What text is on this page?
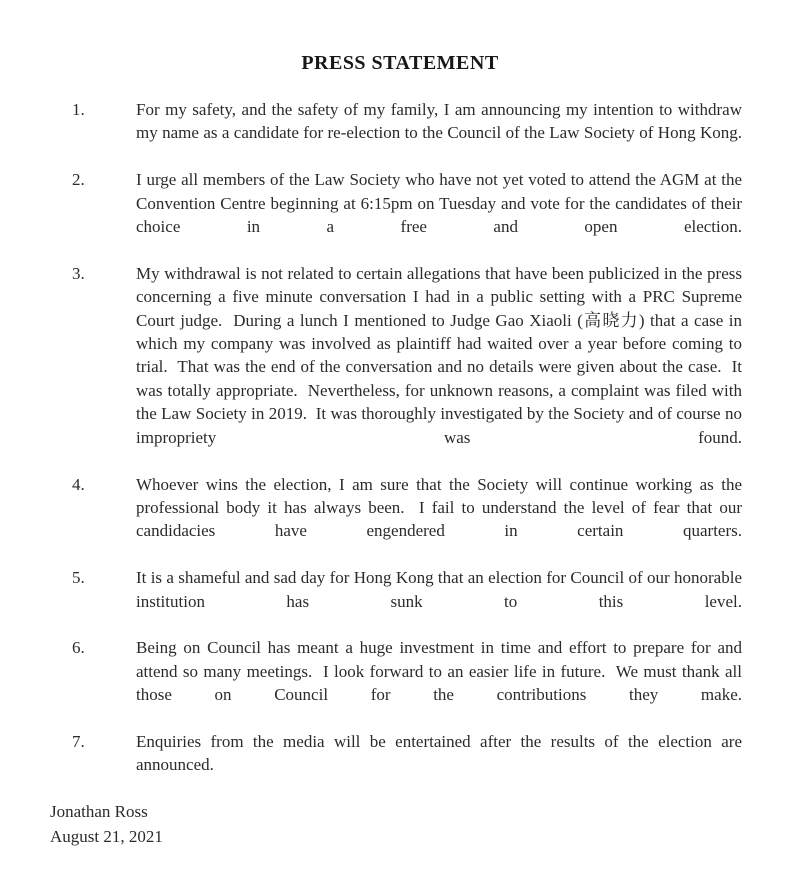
PRESS STATEMENT
1.	For my safety, and the safety of my family, I am announcing my intention to withdraw my name as a candidate for re-election to the Council of the Law Society of Hong Kong.
2.	I urge all members of the Law Society who have not yet voted to attend the AGM at the Convention Centre beginning at 6:15pm on Tuesday and vote for the candidates of their choice in a free and open election.
3.	My withdrawal is not related to certain allegations that have been publicized in the press concerning a five minute conversation I had in a public setting with a PRC Supreme Court judge.  During a lunch I mentioned to Judge Gao Xiaoli (高晓力) that a case in which my company was involved as plaintiff had waited over a year before coming to trial.  That was the end of the conversation and no details were given about the case.  It was totally appropriate.  Nevertheless, for unknown reasons, a complaint was filed with the Law Society in 2019.  It was thoroughly investigated by the Society and of course no impropriety was found.
4.	Whoever wins the election, I am sure that the Society will continue working as the professional body it has always been.  I fail to understand the level of fear that our candidacies have engendered in certain quarters.
5.	It is a shameful and sad day for Hong Kong that an election for Council of our honorable institution has sunk to this level.
6.	Being on Council has meant a huge investment in time and effort to prepare for and attend so many meetings.  I look forward to an easier life in future.  We must thank all those on Council for the contributions they make.
7.	Enquiries from the media will be entertained after the results of the election are announced.

Jonathan Ross

August 21, 2021
